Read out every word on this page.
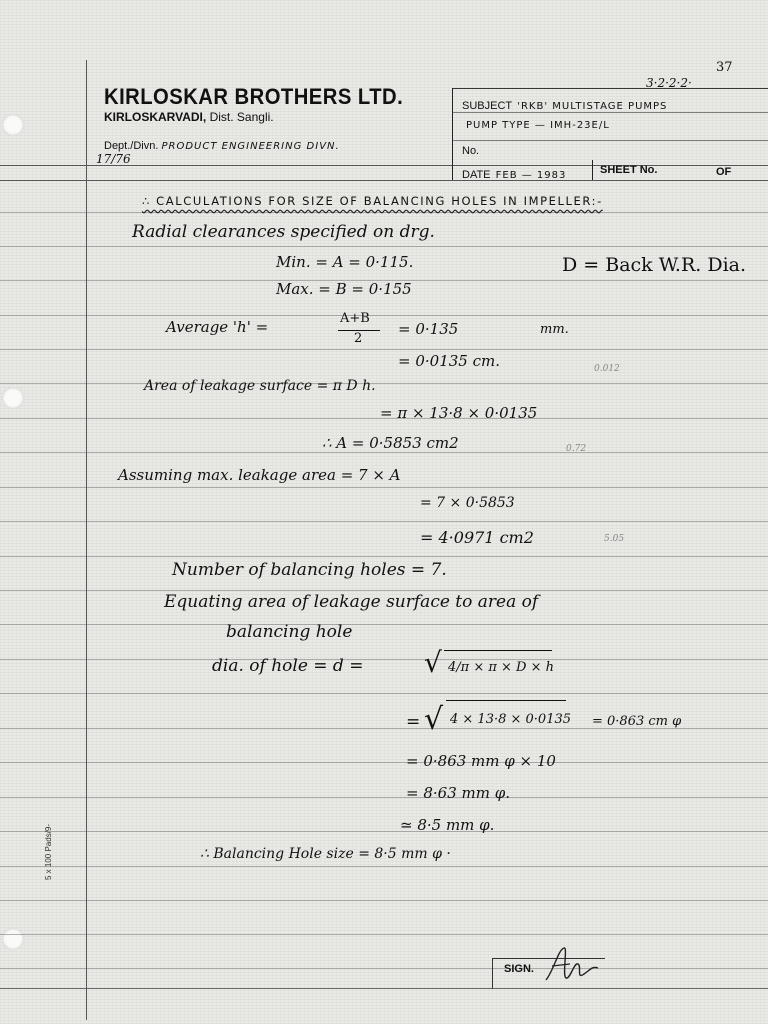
37
3·2·2·2·
KIRLOSKAR BROTHERS LTD.
KIRLOSKARVADI, Dist. Sangli.
Dept./Divn. PRODUCT ENGINEERING DIVN.
17/76
SUBJECT 'RKB' MULTISTAGE PUMPS
PUMP TYPE — IMH-23E/L
No.
DATE FEB — 1983	SHEET No.	OF
∴ CALCULATIONS FOR SIZE OF BALANCING HOLES IN IMPELLER:-
Radial clearances specified on drg.
Min. = A = 0·115.
Max. = B = 0·155
D = Back W.R. Dia.
Average 'h' =	A+B
2
= 0·135	mm.
= 0·0135 cm.	0.012
Area of leakage surface = π D h.
= π × 13·8 × 0·0135
∴ A = 0·5853 cm2	0.72
Assuming max. leakage area = 7 × A
= 7 × 0·5853
= 4·0971 cm2	5.05
Number of balancing holes = 7.
Equating area of leakage surface to area of
balancing hole
dia. of hole = d = √ 4/π × π × D × h
= √ 4 × 13·8 × 0·0135 = 0·863 cm φ
= 0·863 mm φ × 10
= 8·63 mm φ.
≃ 8·5 mm φ.
∴ Balancing Hole size = 8·5 mm φ ·
5 x 100 Pads/9-
SIGN.
